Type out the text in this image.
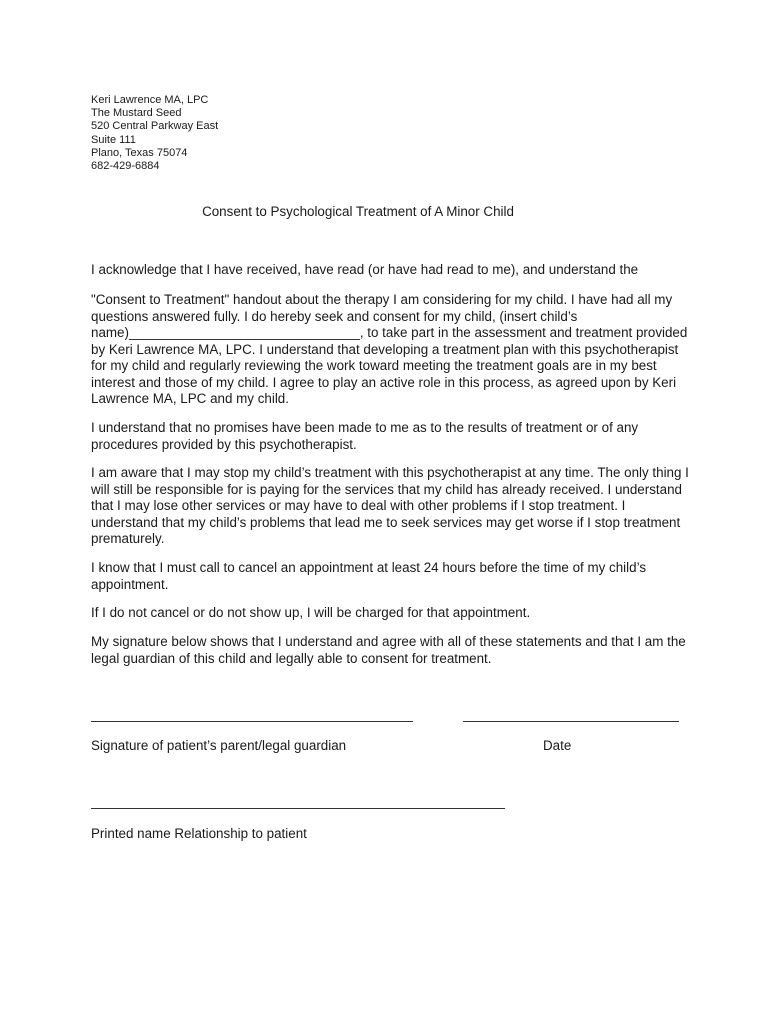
Keri Lawrence MA, LPC
The Mustard Seed
520 Central Parkway East
Suite 111
Plano, Texas 75074
682-429-6884
Consent to Psychological Treatment of A Minor Child

I acknowledge that I have received, have read (or have had read to me), and understand the

"Consent to Treatment" handout about the therapy I am considering for my child. I have had all my questions answered fully. I do hereby seek and consent for my child, (insert child’s name)_______________________________, to take part in the assessment and treatment provided by Keri Lawrence MA, LPC. I understand that developing a treatment plan with this psychotherapist for my child and regularly reviewing the work toward meeting the treatment goals are in my best interest and those of my child. I agree to play an active role in this process, as agreed upon by Keri Lawrence MA, LPC and my child.

I understand that no promises have been made to me as to the results of treatment or of any procedures provided by this psychotherapist.

I am aware that I may stop my child’s treatment with this psychotherapist at any time. The only thing I will still be responsible for is paying for the services that my child has already received. I understand that I may lose other services or may have to deal with other problems if I stop treatment. I understand that my child’s problems that lead me to seek services may get worse if I stop treatment prematurely.

I know that I must call to cancel an appointment at least 24 hours before the time of my child’s appointment.

If I do not cancel or do not show up, I will be charged for that appointment.

My signature below shows that I understand and agree with all of these statements and that I am the legal guardian of this child and legally able to consent for treatment.

Signature of patient’s parent/legal guardian	Date
Printed name Relationship to patient
